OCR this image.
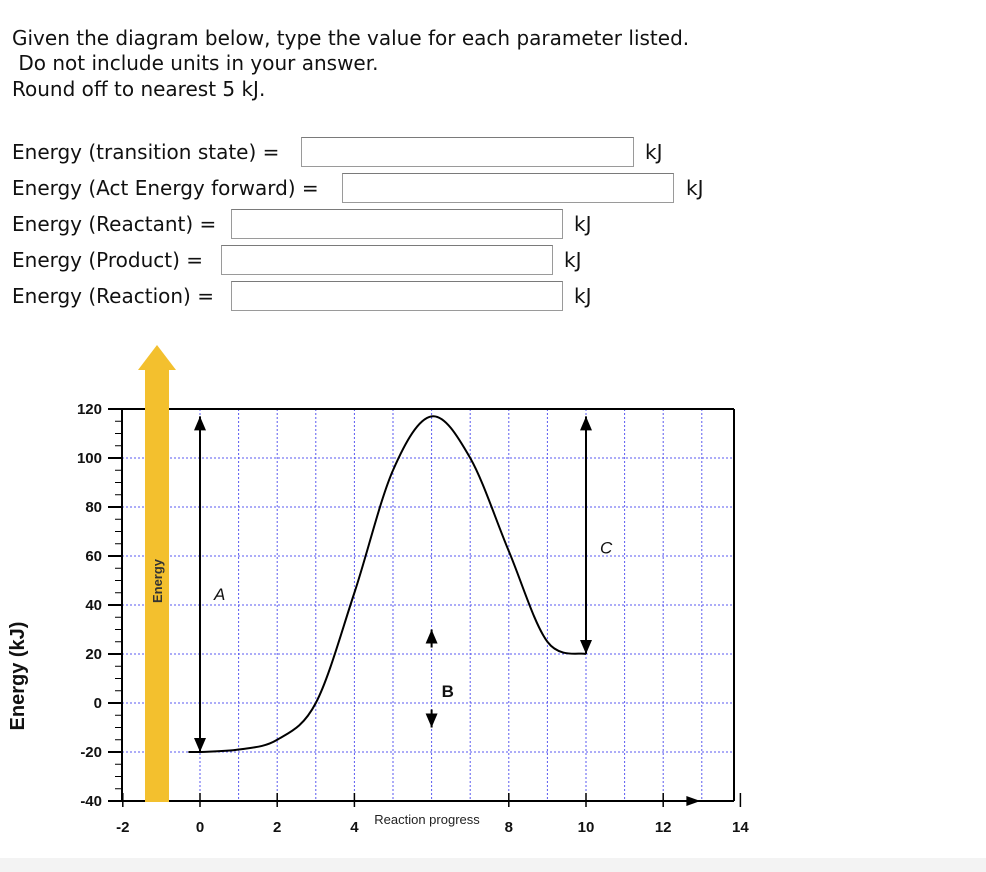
Given the diagram below, type the value for each parameter listed.
Do not include units in your answer.
Round off to nearest 5 kJ.
Energy (transition state) =	kJ
Energy (Act Energy forward) =	kJ
Energy (Reactant) =	kJ
Energy (Product) =	kJ
Energy (Reaction) =	kJ
-40
-20
0
20
40
60
80
100
120
-2	0	2	4	8	10	12	14
Energy
Energy (kJ)
Reaction progress
A
B
C
